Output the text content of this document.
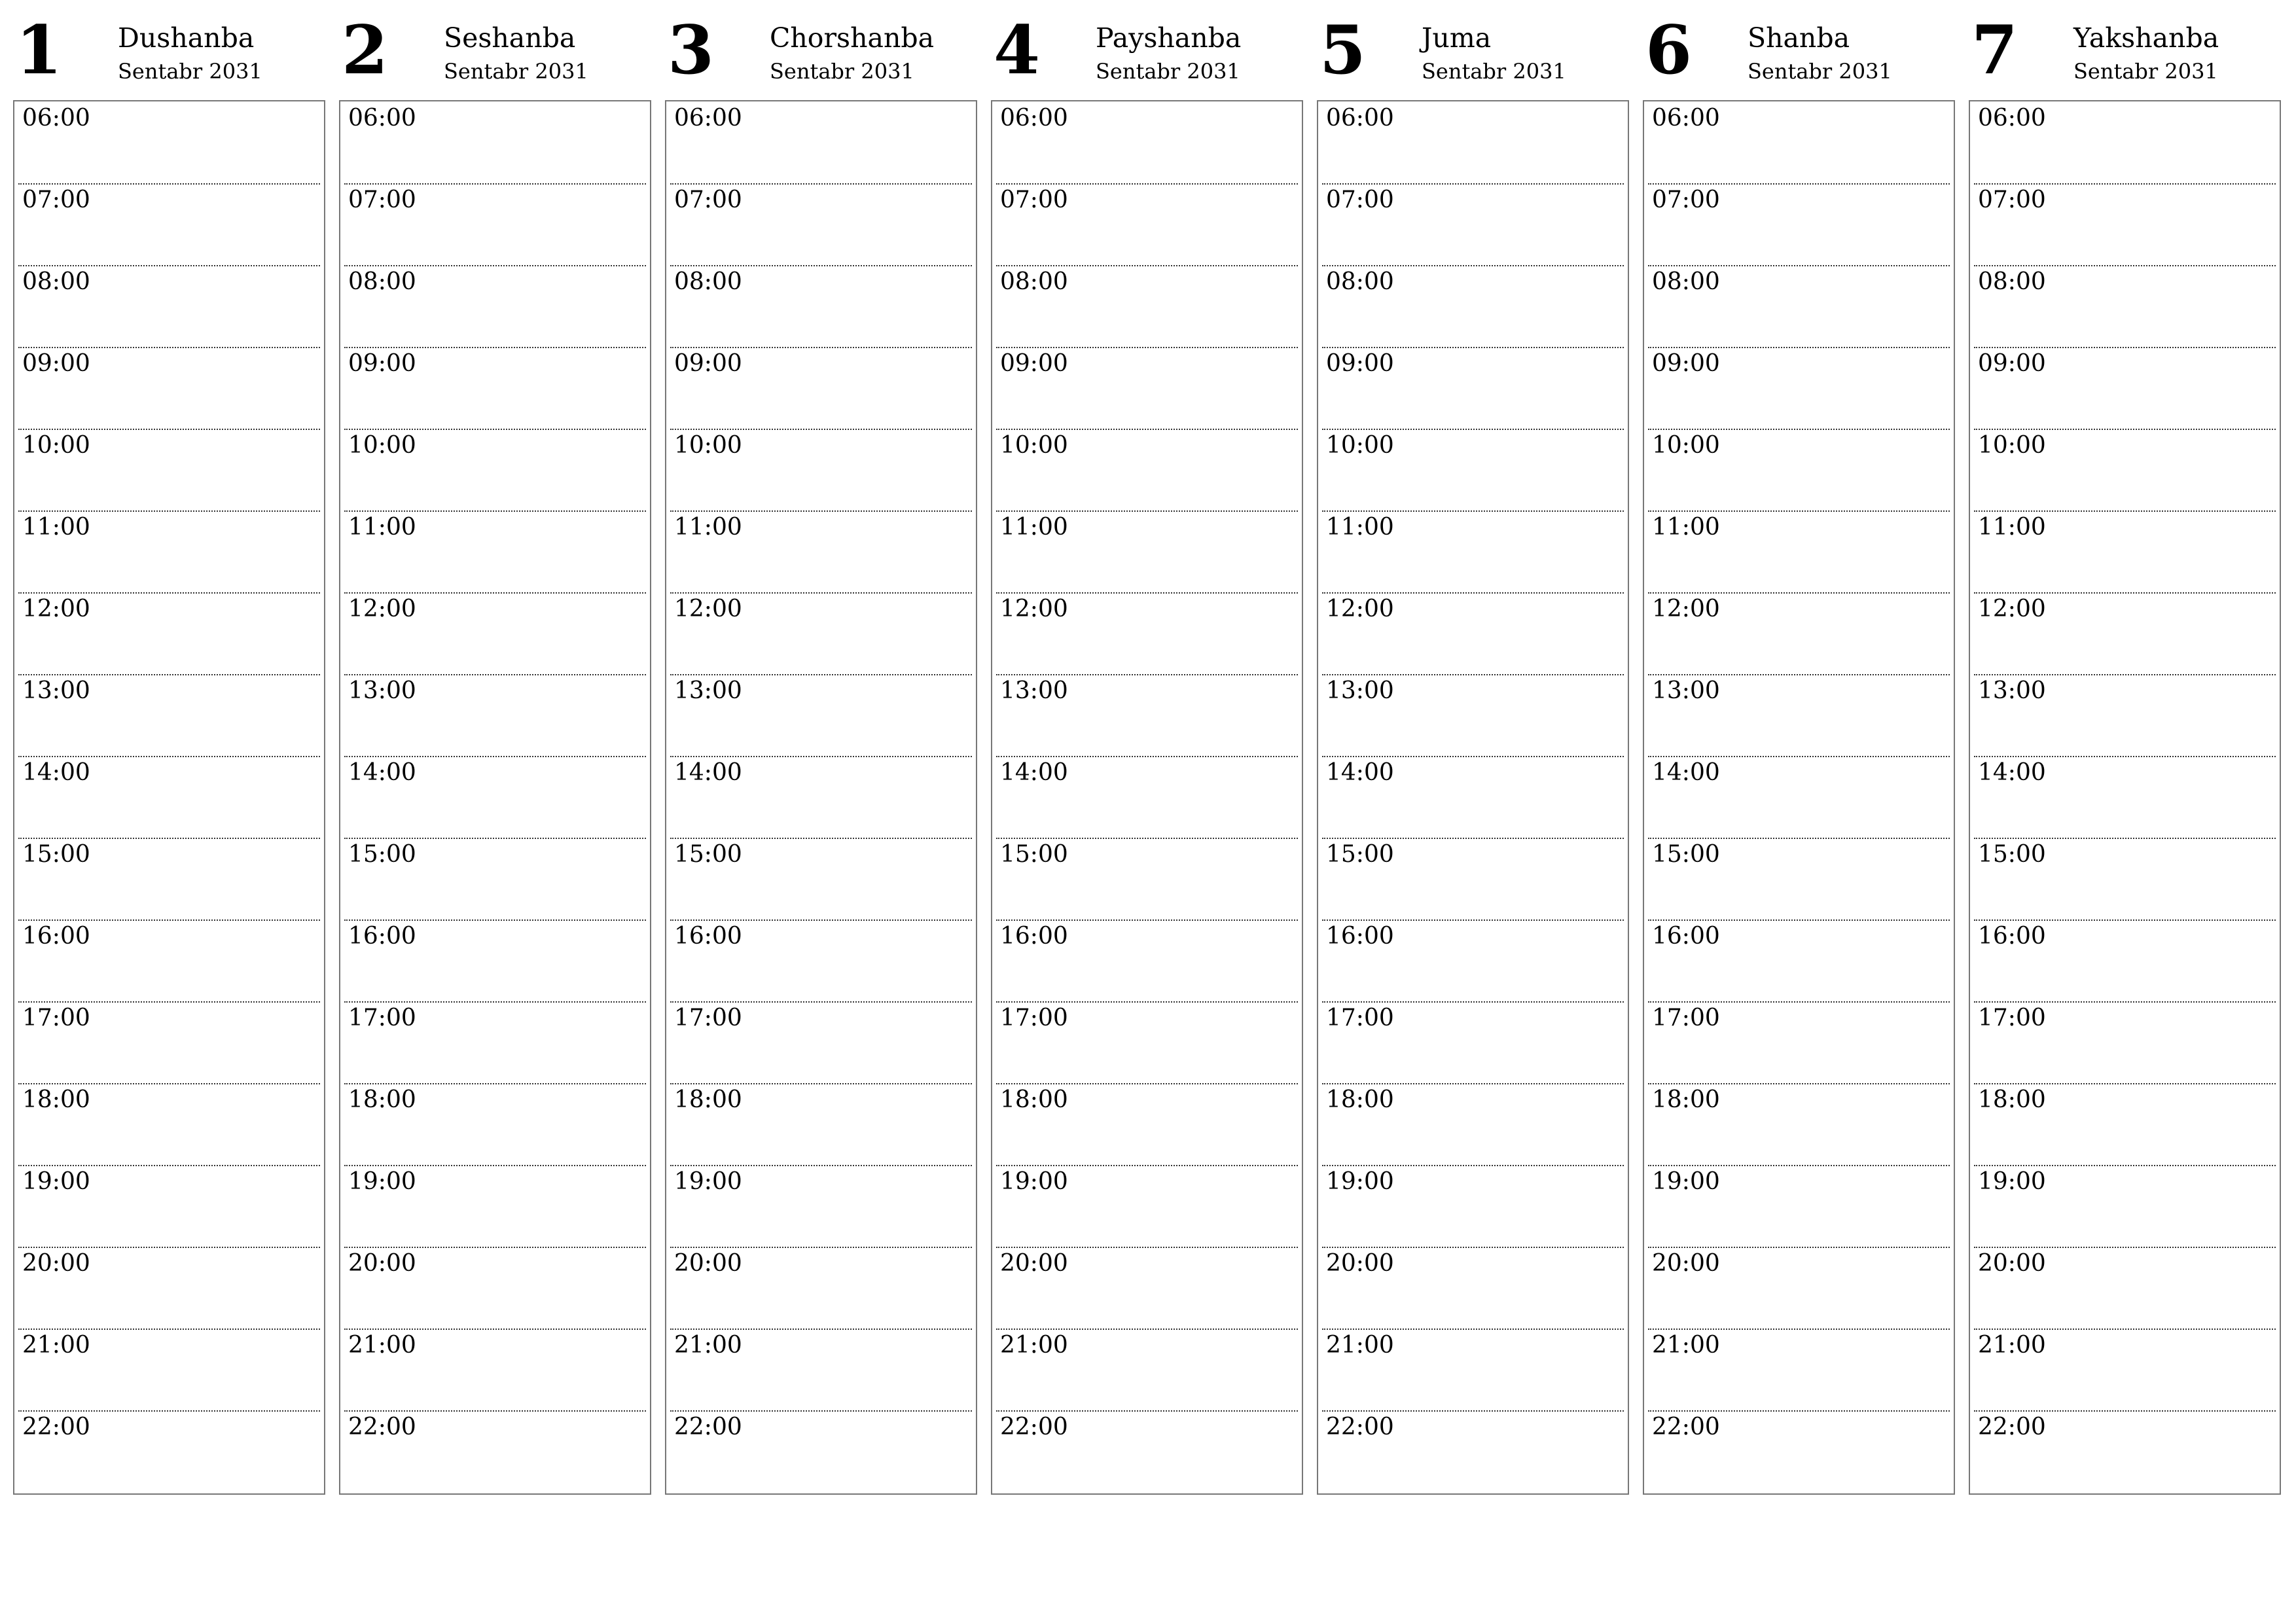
1 Dushanba
Sentabr 2031
06:00
07:00
08:00
09:00
10:00
11:00
12:00
13:00
14:00
15:00
16:00
17:00
18:00
19:00
20:00
21:00
22:00
2 Seshanba
Sentabr 2031
06:00
07:00
08:00
09:00
10:00
11:00
12:00
13:00
14:00
15:00
16:00
17:00
18:00
19:00
20:00
21:00
22:00
3 Chorshanba
Sentabr 2031
06:00
07:00
08:00
09:00
10:00
11:00
12:00
13:00
14:00
15:00
16:00
17:00
18:00
19:00
20:00
21:00
22:00
4 Payshanba
Sentabr 2031
06:00
07:00
08:00
09:00
10:00
11:00
12:00
13:00
14:00
15:00
16:00
17:00
18:00
19:00
20:00
21:00
22:00
5 Juma
Sentabr 2031
06:00
07:00
08:00
09:00
10:00
11:00
12:00
13:00
14:00
15:00
16:00
17:00
18:00
19:00
20:00
21:00
22:00
6 Shanba
Sentabr 2031
06:00
07:00
08:00
09:00
10:00
11:00
12:00
13:00
14:00
15:00
16:00
17:00
18:00
19:00
20:00
21:00
22:00
7 Yakshanba
Sentabr 2031
06:00
07:00
08:00
09:00
10:00
11:00
12:00
13:00
14:00
15:00
16:00
17:00
18:00
19:00
20:00
21:00
22:00
